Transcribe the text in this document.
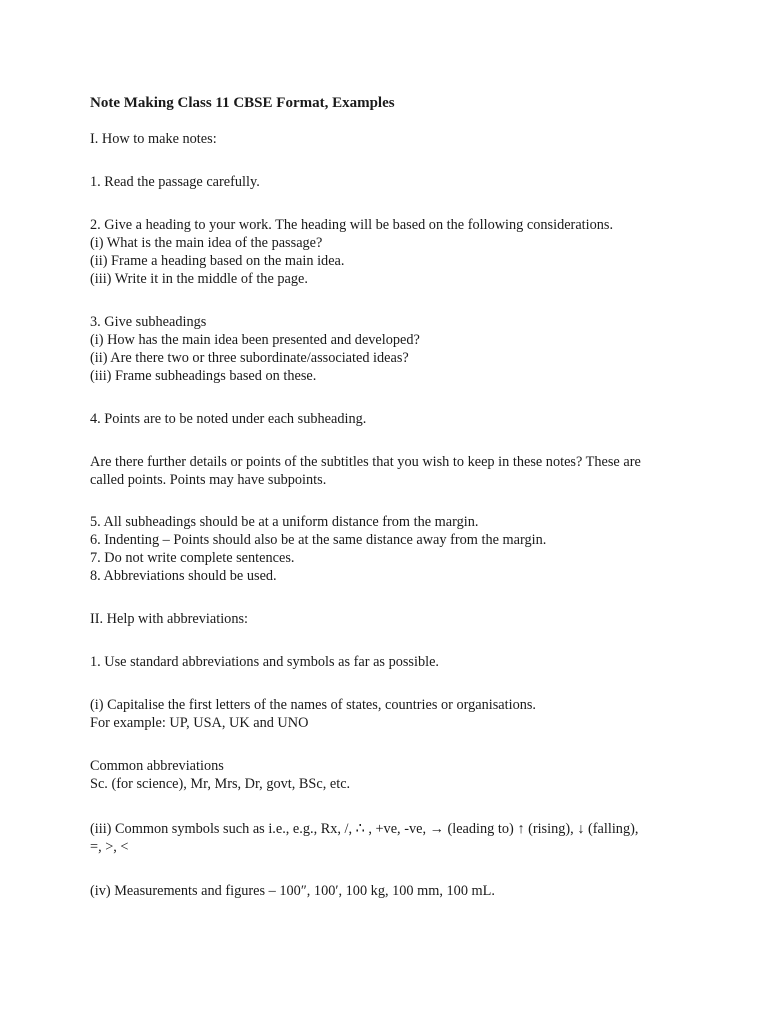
Note Making Class 11 CBSE Format, Examples
I. How to make notes:
1. Read the passage carefully.
2. Give a heading to your work. The heading will be based on the following considerations.
(i) What is the main idea of the passage?
(ii) Frame a heading based on the main idea.
(iii) Write it in the middle of the page.
3. Give subheadings
(i) How has the main idea been presented and developed?
(ii) Are there two or three subordinate/associated ideas?
(iii) Frame subheadings based on these.
4. Points are to be noted under each subheading.
Are there further details or points of the subtitles that you wish to keep in these notes? These are
called points. Points may have subpoints.
5. All subheadings should be at a uniform distance from the margin.
6. Indenting – Points should also be at the same distance away from the margin.
7. Do not write complete sentences.
8. Abbreviations should be used.
II. Help with abbreviations:
1. Use standard abbreviations and symbols as far as possible.
(i) Capitalise the first letters of the names of states, countries or organisations.
For example: UP, USA, UK and UNO
Common abbreviations
Sc. (for science), Mr, Mrs, Dr, govt, BSc, etc.
(iii) Common symbols such as i.e., e.g., Rx, /, ∴ , +ve, -ve, → (leading to) ↑ (rising), ↓ (falling),
=, >, <
(iv) Measurements and figures – 100″, 100′, 100 kg, 100 mm, 100 mL.
